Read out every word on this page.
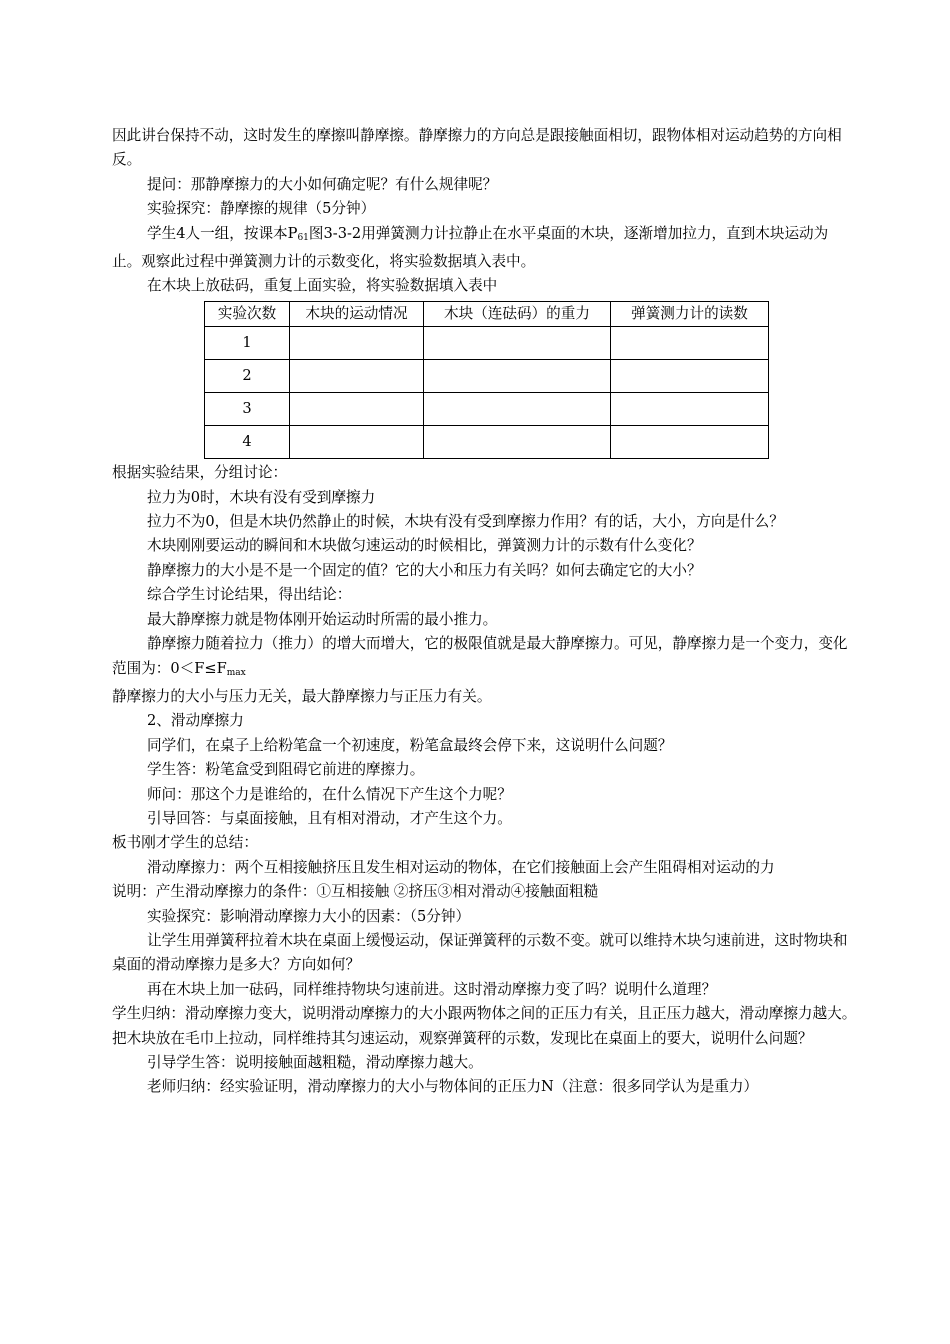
因此讲台保持不动，这时发生的摩擦叫静摩擦。静摩擦力的方向总是跟接触面相切，跟物体相对运动趋势的方向相反。

提问：那静摩擦力的大小如何确定呢？有什么规律呢？

实验探究：静摩擦的规律（5分钟）

学生4人一组，按课本$P_{61}$图3-3-2用弹簧测力计拉静止在水平桌面的木块，逐渐增加拉力，直到木块运动为止。观察此过程中弹簧测力计的示数变化，将实验数据填入表中。

在木块上放砝码，重复上面实验，将实验数据填入表中

实验次数	木块的运动情况	木块（连砝码）的重力	弹簧测力计的读数
1			
2			
3			
4			

根据实验结果，分组讨论：

拉力为0时，木块有没有受到摩擦力

拉力不为0，但是木块仍然静止的时候，木块有没有受到摩擦力作用？有的话，大小，方向是什么？

木块刚刚要运动的瞬间和木块做匀速运动的时候相比，弹簧测力计的示数有什么变化？

静摩擦力的大小是不是一个固定的值？它的大小和压力有关吗？如何去确定它的大小？

综合学生讨论结果，得出结论：

最大静摩擦力就是物体刚开始运动时所需的最小推力。

静摩擦力随着拉力（推力）的增大而增大，它的极限值就是最大静摩擦力。可见，静摩擦力是一个变力，变化范围为：$0<F\le F_{max}$

静摩擦力的大小与压力无关，最大静摩擦力与正压力有关。

2、滑动摩擦力

同学们，在桌子上给粉笔盒一个初速度，粉笔盒最终会停下来，这说明什么问题？

学生答：粉笔盒受到阻碍它前进的摩擦力。

师问：那这个力是谁给的，在什么情况下产生这个力呢？

引导回答：与桌面接触，且有相对滑动，才产生这个力。

板书刚才学生的总结：

滑动摩擦力：两个互相接触挤压且发生相对运动的物体，在它们接触面上会产生阻碍相对运动的力

说明：产生滑动摩擦力的条件：①互相接触 ②挤压③相对滑动④接触面粗糙

实验探究：影响滑动摩擦力大小的因素：（5分钟）

让学生用弹簧秤拉着木块在桌面上缓慢运动，保证弹簧秤的示数不变。就可以维持木块匀速前进，这时物块和桌面的滑动摩擦力是多大？方向如何？

再在木块上加一砝码，同样维持物块匀速前进。这时滑动摩擦力变了吗？说明什么道理？

学生归纳：滑动摩擦力变大，说明滑动摩擦力的大小跟两物体之间的正压力有关，且正压力越大，滑动摩擦力越大。

把木块放在毛巾上拉动，同样维持其匀速运动，观察弹簧秤的示数，发现比在桌面上的要大，说明什么问题？

引导学生答：说明接触面越粗糙，滑动摩擦力越大。

老师归纳：经实验证明，滑动摩擦力的大小与物体间的正压力N（注意：很多同学认为是重力）
